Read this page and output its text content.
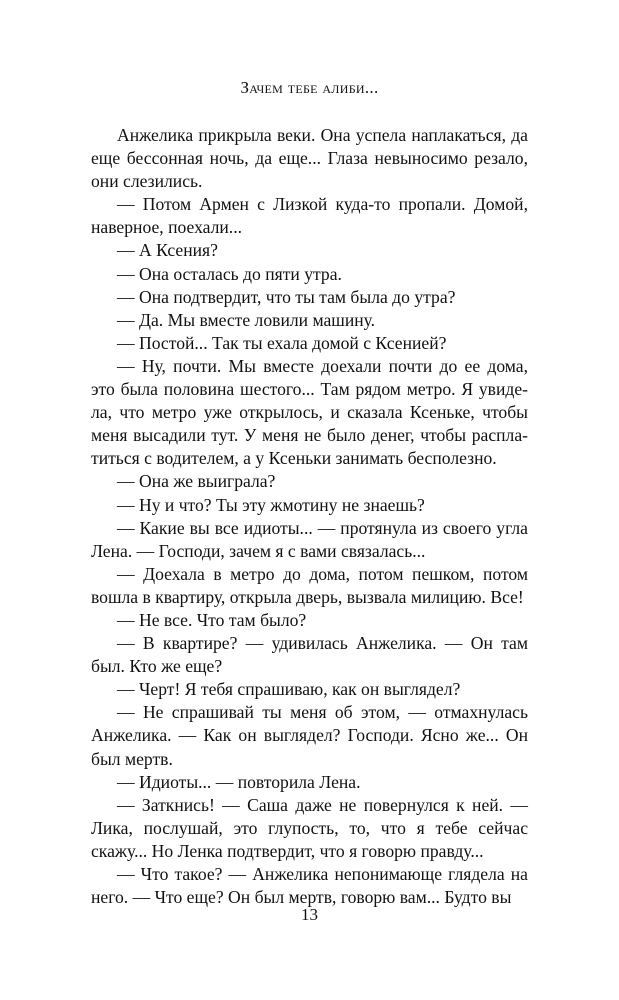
Зачем тебе алиби...

Анжелика прикрыла веки. Она успела наплакаться, да еще бессонная ночь, да еще... Глаза невыносимо резало, они слезились.

— Потом Армен с Лизкой куда-то пропали. Домой, наверное, поехали...

— А Ксения?

— Она осталась до пяти утра.

— Она подтвердит, что ты там была до утра?

— Да. Мы вместе ловили машину.

— Постой... Так ты ехала домой с Ксенией?

— Ну, почти. Мы вместе доехали почти до ее дома, это была половина шестого... Там рядом метро. Я увидела, что метро уже открылось, и сказала Ксеньке, чтобы меня высадили тут. У меня не было денег, чтобы расплатиться с водителем, а у Ксеньки занимать бесполезно.

— Она же выиграла?

— Ну и что? Ты эту жмотину не знаешь?

— Какие вы все идиоты... — протянула из своего угла Лена. — Господи, зачем я с вами связалась...

— Доехала в метро до дома, потом пешком, потом вошла в квартиру, открыла дверь, вызвала милицию. Все!

— Не все. Что там было?

— В квартире? — удивилась Анжелика. — Он там был. Кто же еще?

— Черт! Я тебя спрашиваю, как он выглядел?

— Не спрашивай ты меня об этом, — отмахнулась Анжелика. — Как он выглядел? Господи. Ясно же... Он был мертв.

— Идиоты... — повторила Лена.

— Заткнись! — Саша даже не повернулся к ней. — Лика, послушай, это глупость, то, что я тебе сейчас скажу... Но Ленка подтвердит, что я говорю правду...

— Что такое? — Анжелика непонимающе глядела на него. — Что еще? Он был мертв, говорю вам... Будто вы

13
